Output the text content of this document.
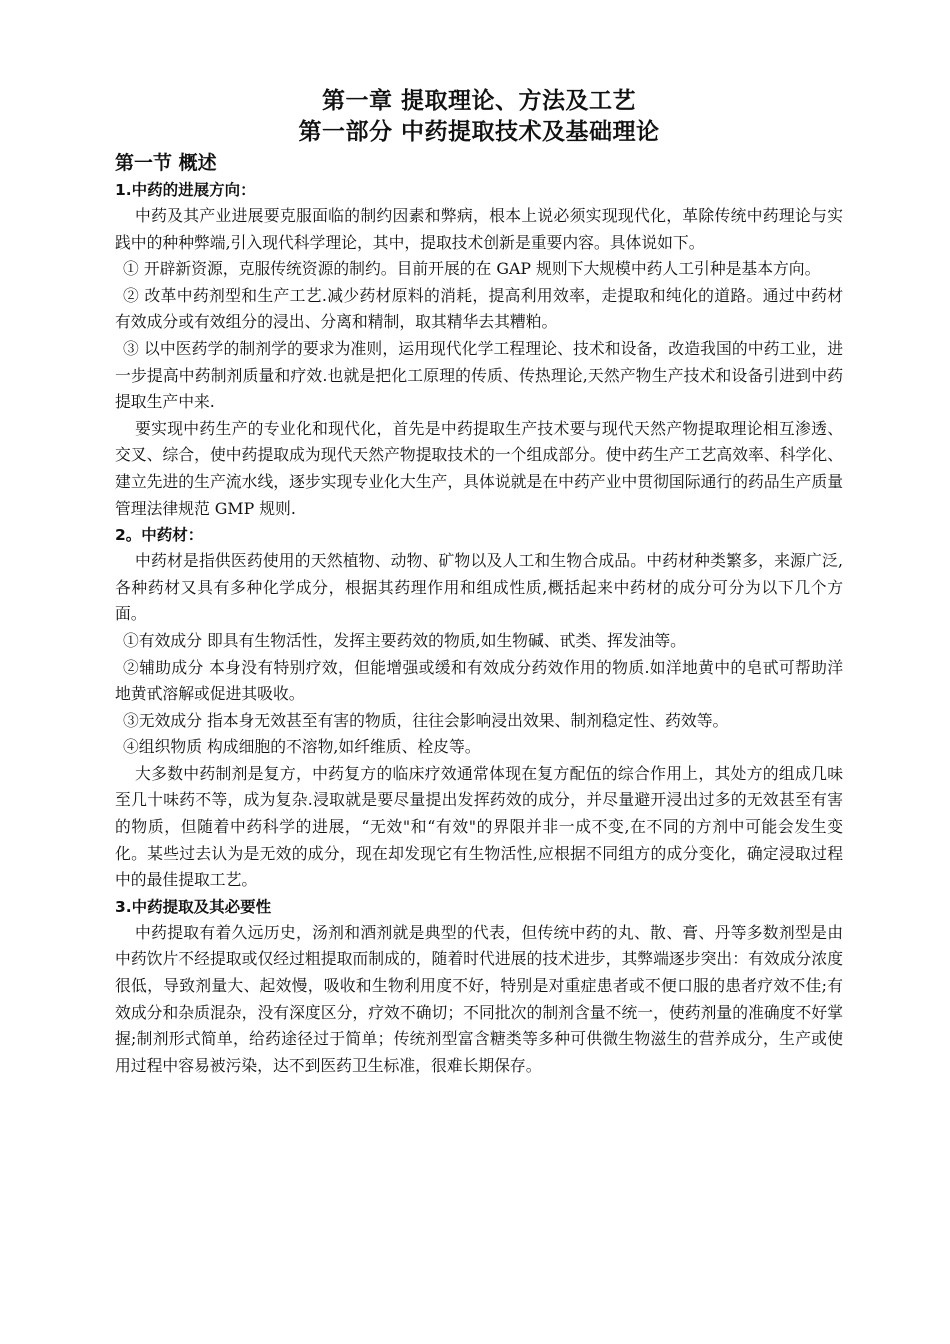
第一章 提取理论、方法及工艺
第一部分 中药提取技术及基础理论
第一节 概述
1.中药的进展方向：

中药及其产业进展要克服面临的制约因素和弊病，根本上说必须实现现代化，革除传统中药理论与实践中的种种弊端,引入现代科学理论，其中，提取技术创新是重要内容。具体说如下。

① 开辟新资源，克服传统资源的制约。目前开展的在 GAP 规则下大规模中药人工引种是基本方向。

② 改革中药剂型和生产工艺.减少药材原料的消耗，提高利用效率，走提取和纯化的道路。通过中药材有效成分或有效组分的浸出、分离和精制，取其精华去其糟粕。

③ 以中医药学的制剂学的要求为准则，运用现代化学工程理论、技术和设备，改造我国的中药工业，进一步提高中药制剂质量和疗效.也就是把化工原理的传质、传热理论,天然产物生产技术和设备引进到中药提取生产中来.

要实现中药生产的专业化和现代化，首先是中药提取生产技术要与现代天然产物提取理论相互渗透、交叉、综合，使中药提取成为现代天然产物提取技术的一个组成部分。使中药生产工艺高效率、科学化、建立先进的生产流水线，逐步实现专业化大生产，具体说就是在中药产业中贯彻国际通行的药品生产质量管理法律规范 GMP 规则.

2。中药材：

中药材是指供医药使用的天然植物、动物、矿物以及人工和生物合成品。中药材种类繁多，来源广泛,各种药材又具有多种化学成分，根据其药理作用和组成性质,概括起来中药材的成分可分为以下几个方面。

①有效成分 即具有生物活性，发挥主要药效的物质,如生物碱、甙类、挥发油等。

②辅助成分 本身没有特别疗效，但能增强或缓和有效成分药效作用的物质.如洋地黄中的皂甙可帮助洋地黄甙溶解或促进其吸收。

③无效成分 指本身无效甚至有害的物质，往往会影响浸出效果、制剂稳定性、药效等。

④组织物质 构成细胞的不溶物,如纤维质、栓皮等。

大多数中药制剂是复方，中药复方的临床疗效通常体现在复方配伍的综合作用上，其处方的组成几味至几十味药不等，成为复杂.浸取就是要尽量提出发挥药效的成分，并尽量避开浸出过多的无效甚至有害的物质，但随着中药科学的进展，“无效"和“有效"的界限并非一成不变,在不同的方剂中可能会发生变化。某些过去认为是无效的成分，现在却发现它有生物活性,应根据不同组方的成分变化，确定浸取过程中的最佳提取工艺。

3.中药提取及其必要性

中药提取有着久远历史，汤剂和酒剂就是典型的代表，但传统中药的丸、散、膏、丹等多数剂型是由中药饮片不经提取或仅经过粗提取而制成的，随着时代进展的技术进步，其弊端逐步突出：有效成分浓度很低，导致剂量大、起效慢，吸收和生物利用度不好，特别是对重症患者或不便口服的患者疗效不佳;有效成分和杂质混杂，没有深度区分，疗效不确切；不同批次的制剂含量不统一，使药剂量的准确度不好掌握;制剂形式简单，给药途径过于简单；传统剂型富含糖类等多种可供微生物滋生的营养成分，生产或使用过程中容易被污染，达不到医药卫生标准，很难长期保存。
